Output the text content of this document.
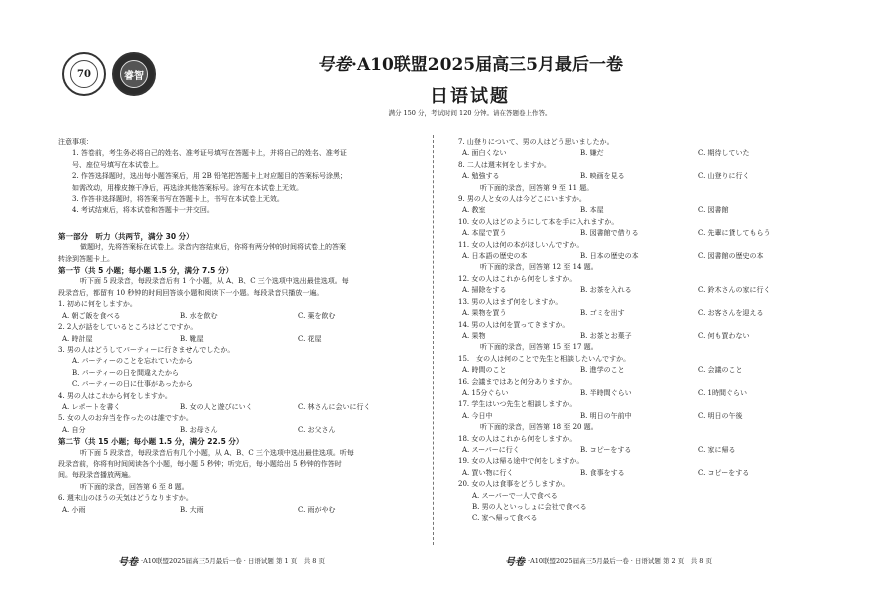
70	睿智
号卷·A10联盟2025届高三5月最后一卷
日语试题
满分 150 分，考试时间 120 分钟。请在答题卷上作答。
注意事项：
1. 答卷前，考生务必将自己的姓名、准考证号填写在答题卡上，并将自己的姓名、准考证
号、座位号填写在本试卷上。
2. 作答选择题时，选出每小题答案后，用 2B 铅笔把答题卡上对应题目的答案标号涂黑；
如需改动，用橡皮擦干净后，再选涂其他答案标号。涂写在本试卷上无效。
3. 作答非选择题时，将答案书写在答题卡上，书写在本试卷上无效。
4. 考试结束后，将本试卷和答题卡一并交回。
第一部分　听力（共两节，满分 30 分）
做题时，先将答案标在试卷上。录音内容结束后，你将有两分钟的时间将试卷上的答案
转涂到答题卡上。
第一节（共 5 小题；每小题 1.5 分，满分 7.5 分）
听下面 5 段录音，每段录音后有 1 个小题，从 A、B、C 三个选项中选出最佳选项。每
段录音后，都留有 10 秒钟的时间回答该小题和阅读下一小题。每段录音只播放一遍。
1. 初めに何をしますか。
A. 朝ご飯を食べる	B. 水を飲む	C. 薬を飲む
2. 2人が話をしているところはどこですか。
A. 時計屋	B. 靴屋	C. 花屋
3. 男の人はどうしてパーティーに行きませんでしたか。
A. パーティーのことを忘れていたから
B. パーティーの日を間違えたから
C. パーティーの日に仕事があったから
4. 男の人はこれから何をしますか。
A. レポートを書く	B. 女の人と遊びにいく	C. 林さんに会いに行く
5. 女の人のお弁当を作ったのは誰ですか。
A. 自分	B. お母さん	C. お父さん
第二节（共 15 小题；每小题 1.5 分，满分 22.5 分）
听下面 5 段录音，每段录音后有几个小题，从 A、B、C 三个选项中选出最佳选项。听每
段录音前，你将有时间阅读各个小题，每小题 5 秒钟；听完后，每小题给出 5 秒钟的作答时
间。每段录音播放两遍。
听下面的录音，回答第 6 至 8 题。
6. 週末山のほうの天気はどうなりますか。
A. 小雨	B. 大雨	C. 雨がやむ
7. 山登りについて、男の人はどう思いましたか。
A. 面白くない	B. 嫌だ	C. 期待していた
8. 二人は週末何をしますか。
A. 勉強する	B. 映画を見る	C. 山登りに行く
听下面的录音，回答第 9 至 11 题。
9. 男の人と女の人は今どこにいますか。
A. 教室	B. 本屋	C. 図書館
10. 女の人はどのようにして本を手に入れますか。
A. 本屋で買う	B. 図書館で借りる	C. 先輩に貸してもらう
11. 女の人は何の本がほしいんですか。
A. 日本語の歴史の本	B. 日本の歴史の本	C. 図書館の歴史の本
听下面的录音，回答第 12 至 14 题。
12. 女の人はこれから何をしますか。
A. 掃除をする	B. お茶を入れる	C. 鈴木さんの家に行く
13. 男の人はまず何をしますか。
A. 果物を買う	B. ゴミを出す	C. お客さんを迎える
14. 男の人は何を買ってきますか。
A. 果物	B. お茶とお菓子	C. 何も買わない
听下面的录音，回答第 15 至 17 题。
15.　女の人は何のことで先生と相談したいんですか。
A. 時間のこと	B. 進学のこと	C. 会議のこと
16. 会議まではあと何分ありますか。
A. 15分ぐらい	B. 半時間ぐらい	C. 1時間ぐらい
17. 学生はいつ先生と相談しますか。
A. 今日中	B. 明日の午前中	C. 明日の午後
听下面的录音，回答第 18 至 20 题。
18. 女の人はこれから何をしますか。
A. スーパーに行く	B. コピーをする	C. 家に帰る
19. 女の人は帰る途中で何をしますか。
A. 買い物に行く	B. 食事をする	C. コピーをする
20. 女の人は食事をどうしますか。
A. スーパーで一人で食べる
B. 男の人といっしょに会社で食べる
C. 家へ帰って食べる
号卷 ·A10联盟2025届高三5月最后一卷 · 日语试题 第 1 页　共 8 页	号卷 ·A10联盟2025届高三5月最后一卷 · 日语试题 第 2 页　共 8 页
